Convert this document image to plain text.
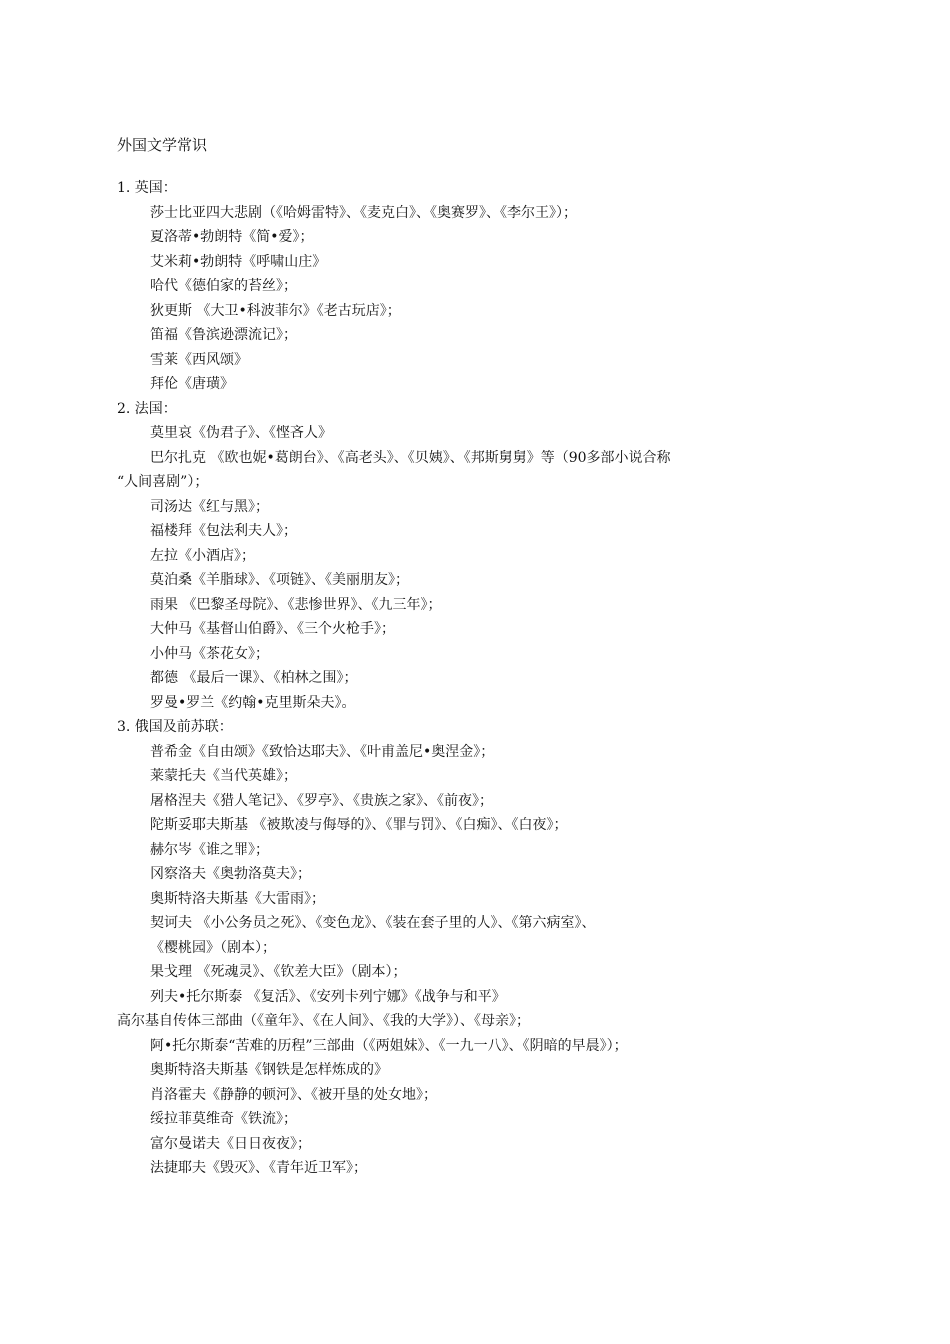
外国文学常识
1. 英国：
莎士比亚四大悲剧（《哈姆雷特》、《麦克白》、《奥赛罗》、《李尔王》）；
夏洛蒂•勃朗特《简•爱》；
艾米莉•勃朗特《呼啸山庄》
哈代《德伯家的苔丝》；
狄更斯 《大卫•科波菲尔》《老古玩店》；
笛福《鲁滨逊漂流记》；
雪莱《西风颂》
拜伦《唐璜》
2. 法国：
莫里哀《伪君子》、《悭吝人》
巴尔扎克 《欧也妮•葛朗台》、《高老头》、《贝姨》、《邦斯舅舅》等（90多部小说合称
“人间喜剧”）；
司汤达《红与黑》；
福楼拜《包法利夫人》；
左拉《小酒店》；
莫泊桑《羊脂球》、《项链》、《美丽朋友》；
雨果 《巴黎圣母院》、《悲惨世界》、《九三年》；
大仲马《基督山伯爵》、《三个火枪手》；
小仲马《茶花女》；
都德 《最后一课》、《柏林之围》；
罗曼•罗兰《约翰•克里斯朵夫》。
3. 俄国及前苏联：
普希金《自由颂》《致恰达耶夫》、《叶甫盖尼•奥涅金》；
莱蒙托夫《当代英雄》；
屠格涅夫《猎人笔记》、《罗亭》、《贵族之家》、《前夜》；
陀斯妥耶夫斯基 《被欺凌与侮辱的》、《罪与罚》、《白痴》、《白夜》；
赫尔岑《谁之罪》；
冈察洛夫《奥勃洛莫夫》；
奥斯特洛夫斯基《大雷雨》；
契诃夫 《小公务员之死》、《变色龙》、《装在套子里的人》、《第六病室》、
《樱桃园》（剧本）；
果戈理 《死魂灵》、《钦差大臣》（剧本）；
列夫•托尔斯泰 《复活》、《安列卡列宁娜》《战争与和平》
高尔基自传体三部曲（《童年》、《在人间》、《我的大学》）、《母亲》；
阿•托尔斯泰“苦难的历程”三部曲（《两姐妹》、《一九一八》、《阴暗的早晨》）；
奥斯特洛夫斯基《钢铁是怎样炼成的》
肖洛霍夫《静静的顿河》、《被开垦的处女地》；
绥拉菲莫维奇《铁流》；
富尔曼诺夫《日日夜夜》；
法捷耶夫《毁灭》、《青年近卫军》；
